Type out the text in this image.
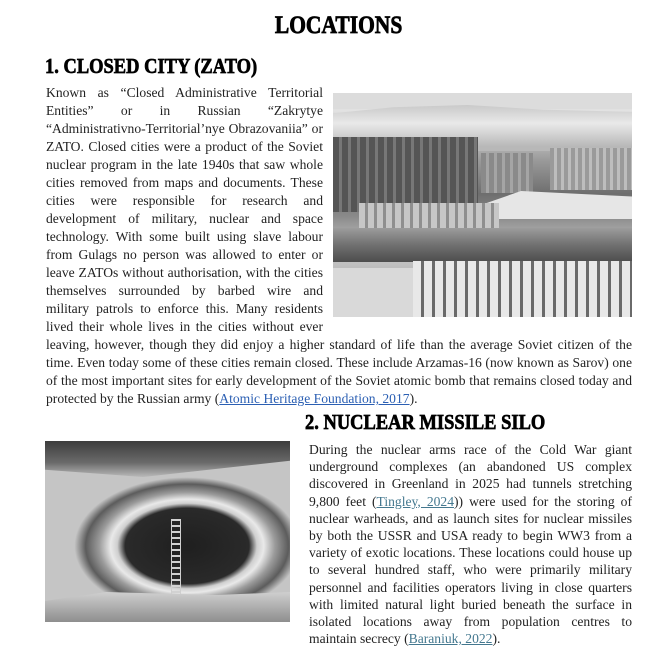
LOCATIONS
1. CLOSED CITY (ZATO)
Known as “Closed Administrative Territorial Entities” or in Russian “Zakrytye “Administrativno-Territorial’nye Obrazovaniia” or ZATO. Closed cities were a product of the Soviet nuclear program in the late 1940s that saw whole cities removed from maps and documents. These cities were responsible for research and development of military, nuclear and space technology. With some built using slave labour from Gulags no person was allowed to enter or leave ZATOs without authorisation, with the cities themselves surrounded by barbed wire and military patrols to enforce this. Many residents lived their whole lives in the cities without ever leaving, however, though they did enjoy a higher standard of life than the average Soviet citizen of the time. Even today some of these cities remain closed. These include Arzamas-16 (now known as Sarov) one of the most important sites for early development of the Soviet atomic bomb that remains closed today and protected by the Russian army (Atomic Heritage Foundation, 2017).
2. NUCLEAR MISSILE SILO
During the nuclear arms race of the Cold War giant underground complexes (an abandoned US complex discovered in Greenland in 2025 had tunnels stretching 9,800 feet (Tingley, 2024)) were used for the storing of nuclear warheads, and as launch sites for nuclear missiles by both the USSR and USA ready to begin WW3 from a variety of exotic locations. These locations could house up to several hundred staff, who were primarily military personnel and facilities operators living in close quarters with limited natural light buried beneath the surface in isolated locations away from population centres to maintain secrecy (Baraniuk, 2022).
